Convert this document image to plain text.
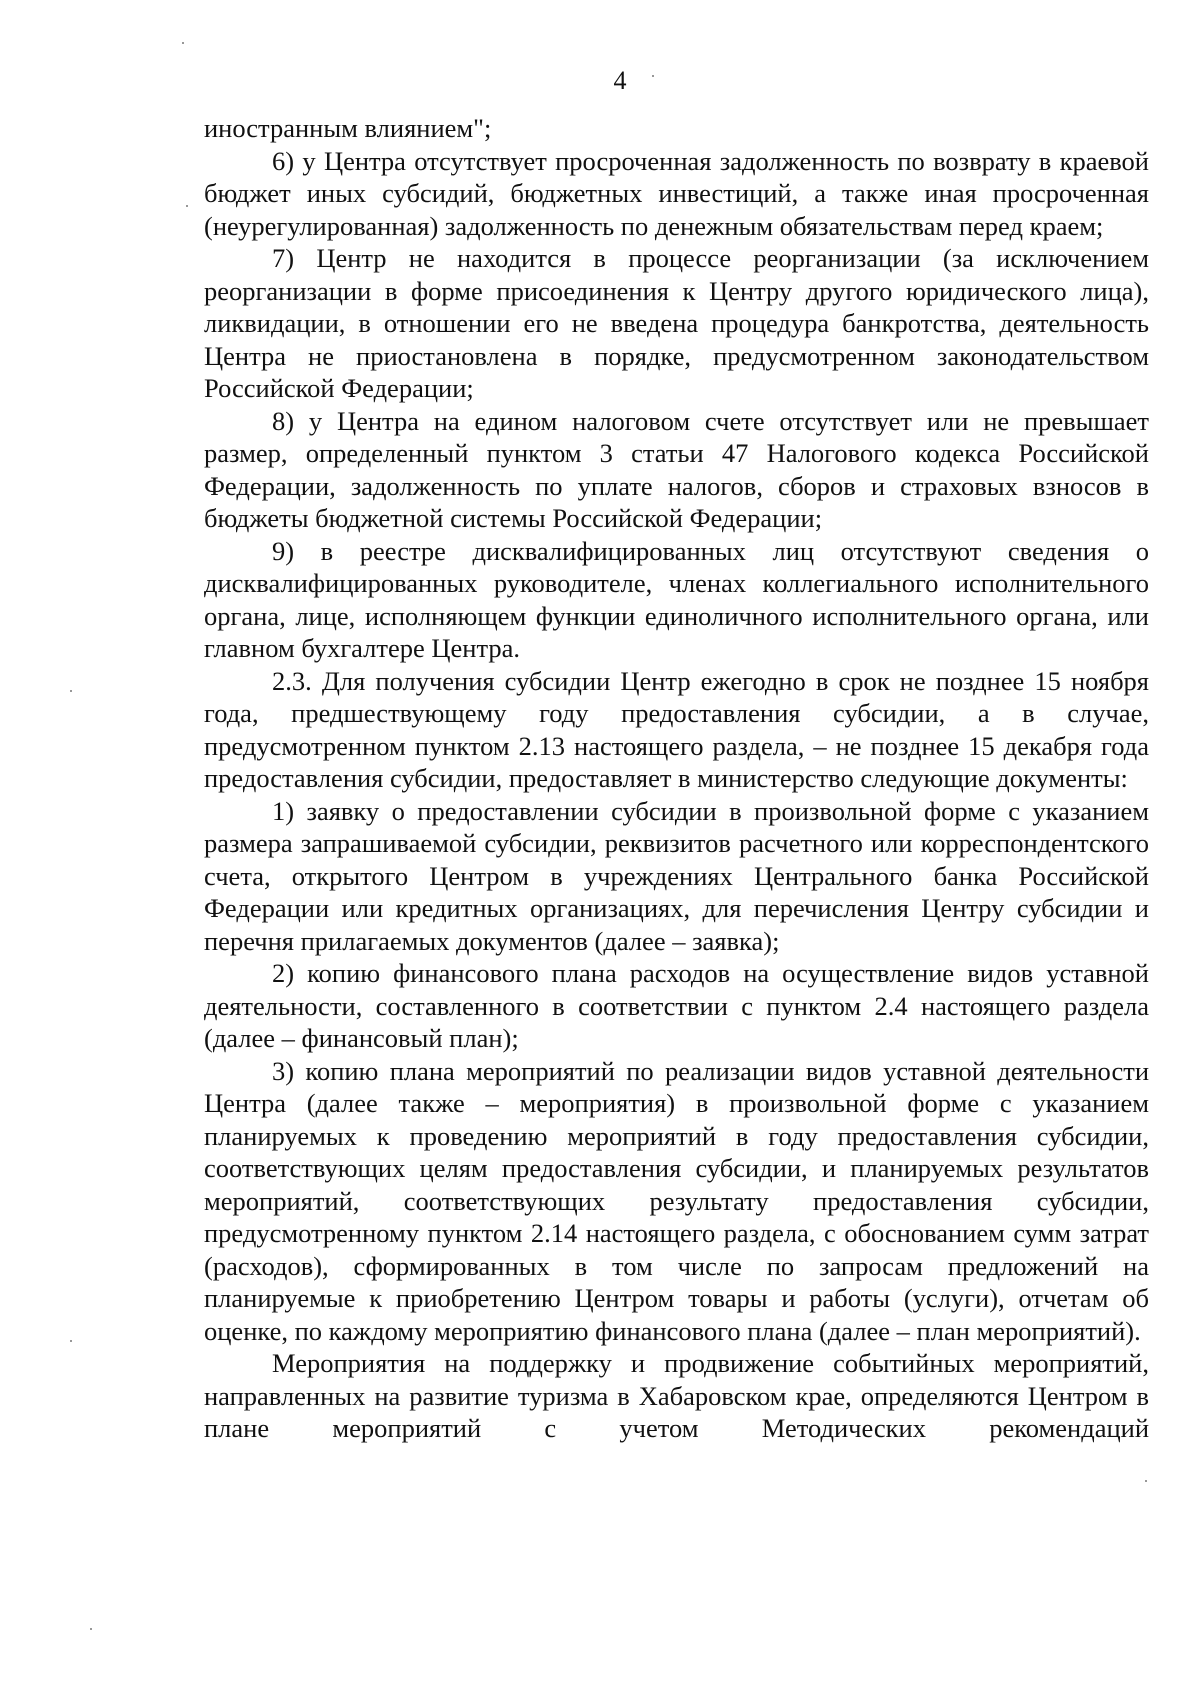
4

иностранным влиянием";

6) у Центра отсутствует просроченная задолженность по возврату в краевой бюджет иных субсидий, бюджетных инвестиций, а также иная просроченная (неурегулированная) задолженность по денежным обязательствам перед краем;

7) Центр не находится в процессе реорганизации (за исключением реорганизации в форме присоединения к Центру другого юридического лица), ликвидации, в отношении его не введена процедура банкротства, деятельность Центра не приостановлена в порядке, предусмотренном законодательством Российской Федерации;

8) у Центра на едином налоговом счете отсутствует или не превышает размер, определенный пунктом 3 статьи 47 Налогового кодекса Российской Федерации, задолженность по уплате налогов, сборов и страховых взносов в бюджеты бюджетной системы Российской Федерации;

9) в реестре дисквалифицированных лиц отсутствуют сведения о дисквалифицированных руководителе, членах коллегиального исполнительного органа, лице, исполняющем функции единоличного исполнительного органа, или главном бухгалтере Центра.

2.3. Для получения субсидии Центр ежегодно в срок не позднее 15 ноября года, предшествующему году предоставления субсидии, а в случае, предусмотренном пунктом 2.13 настоящего раздела, – не позднее 15 декабря года предоставления субсидии, предоставляет в министерство следующие документы:

1) заявку о предоставлении субсидии в произвольной форме с указанием размера запрашиваемой субсидии, реквизитов расчетного или корреспондентского счета, открытого Центром в учреждениях Центрального банка Российской Федерации или кредитных организациях, для перечисления Центру субсидии и перечня прилагаемых документов (далее – заявка);

2) копию финансового плана расходов на осуществление видов уставной деятельности, составленного в соответствии с пунктом 2.4 настоящего раздела (далее – финансовый план);

3) копию плана мероприятий по реализации видов уставной деятельности Центра (далее также – мероприятия) в произвольной форме с указанием планируемых к проведению мероприятий в году предоставления субсидии, соответствующих целям предоставления субсидии, и планируемых результатов мероприятий, соответствующих результату предоставления субсидии, предусмотренному пунктом 2.14 настоящего раздела, с обоснованием сумм затрат (расходов), сформированных в том числе по запросам предложений на планируемые к приобретению Центром товары и работы (услуги), отчетам об оценке, по каждому мероприятию финансового плана (далее – план мероприятий).

Мероприятия на поддержку и продвижение событийных мероприятий, направленных на развитие туризма в Хабаровском крае, определяются Центром в плане мероприятий с учетом Методических рекомендаций
